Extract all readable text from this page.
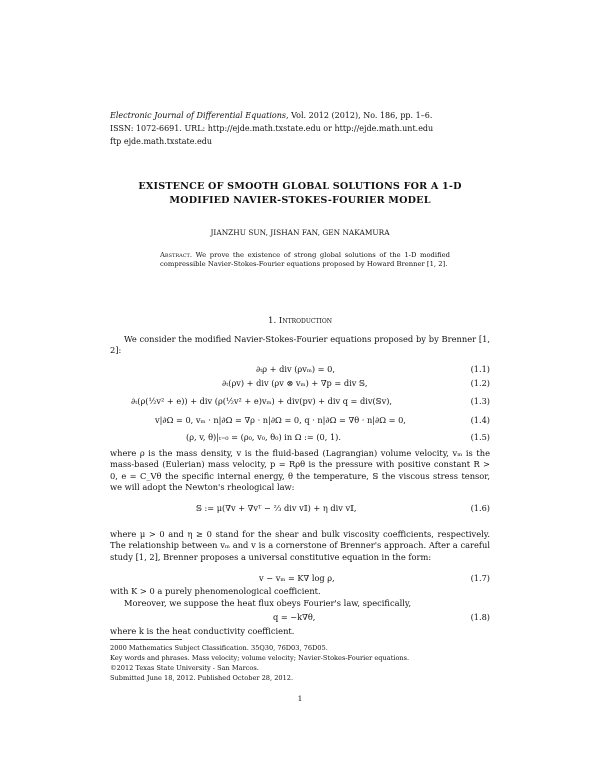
Electronic Journal of Differential Equations, Vol. 2012 (2012), No. 186, pp. 1–6.
ISSN: 1072-6691. URL: http://ejde.math.txstate.edu or http://ejde.math.unt.edu
ftp ejde.math.txstate.edu
EXISTENCE OF SMOOTH GLOBAL SOLUTIONS FOR A 1-D
MODIFIED NAVIER-STOKES-FOURIER MODEL
JIANZHU SUN, JISHAN FAN, GEN NAKAMURA
Abstract. We prove the existence of strong global solutions of the 1-D modified compressible Navier-Stokes-Fourier equations proposed by Howard Brenner [1, 2].
1. Introduction
We consider the modified Navier-Stokes-Fourier equations proposed by by Brenner [1, 2]:
∂ₜρ + div (ρvₘ) = 0,	(1.1)
∂ₜ(ρv) + div (ρv ⊗ vₘ) + ∇p = div 𝕊,	(1.2)
∂ₜ(ρ(½v² + e)) + div (ρ(½v² + e)vₘ) + div(pv) + div q = div(𝕊v),	(1.3)
v|∂Ω = 0, vₘ · n|∂Ω = ∇ρ · n|∂Ω = 0, q · n|∂Ω = ∇θ · n|∂Ω = 0,	(1.4)
(ρ, v, θ)|ₜ₌₀ = (ρ₀, v₀, θ₀) in Ω := (0, 1).	(1.5)
where ρ is the mass density, v is the fluid-based (Lagrangian) volume velocity, vₘ is the mass-based (Eulerian) mass velocity, p = Rρθ is the pressure with positive constant R > 0, e = C_Vθ the specific internal energy, θ the temperature, 𝕊 the viscous stress tensor, we will adopt the Newton's rheological law:
𝕊 := μ(∇v + ∇vᵀ − ⅔ div v𝕀) + η div v𝕀,	(1.6)
where μ > 0 and η ≥ 0 stand for the shear and bulk viscosity coefficients, respectively. The relationship between vₘ and v is a cornerstone of Brenner's approach. After a careful study [1, 2], Brenner proposes a universal constitutive equation in the form:
v − vₘ = K∇ log ρ,	(1.7)
with K > 0 a purely phenomenological coefficient.
Moreover, we suppose the heat flux obeys Fourier's law, specifically,
q = −k∇θ,	(1.8)
where k is the heat conductivity coefficient.
2000 Mathematics Subject Classification. 35Q30, 76D03, 76D05.
Key words and phrases. Mass velocity; volume velocity; Navier-Stokes-Fourier equations.
©2012 Texas State University - San Marcos.
Submitted June 18, 2012. Published October 28, 2012.
1
